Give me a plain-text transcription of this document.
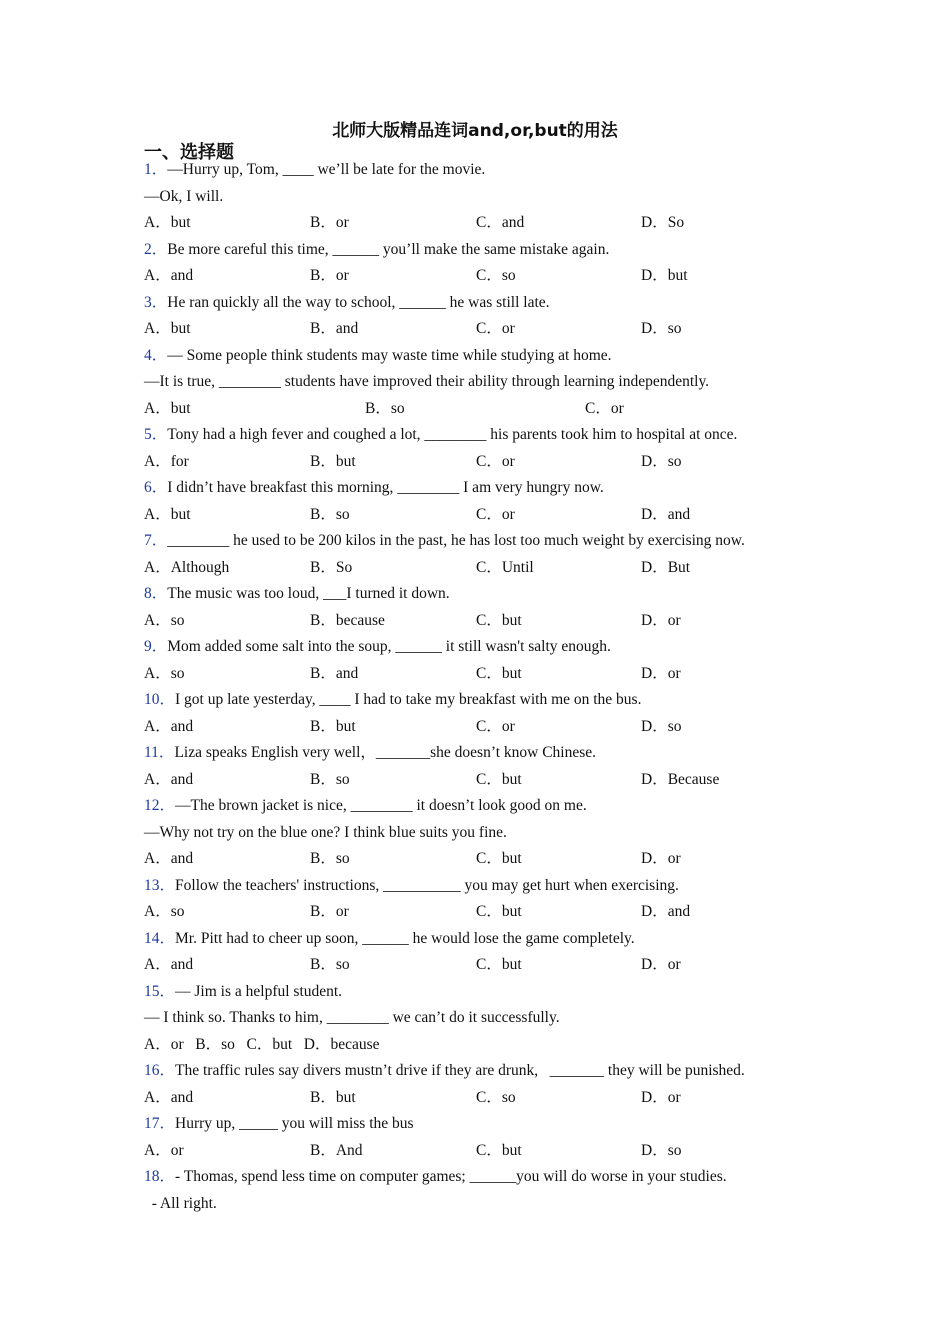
北师大版精品连词and,or,but的用法
一、选择题
1．—Hurry up, Tom, ____ we’ll be late for the movie.
—Ok, I will.
A．but	B．or	C．and	D．So
2．Be more careful this time, ______ you’ll make the same mistake again.
A．and	B．or	C．so	D．but
3．He ran quickly all the way to school, ______ he was still late.
A．but	B．and	C．or	D．so
4．— Some people think students may waste time while studying at home.
—It is true, ________ students have improved their ability through learning independently.
A．but	B．so	C．or
5．Tony had a high fever and coughed a lot, ________ his parents took him to hospital at once.
A．for	B．but	C．or	D．so
6．I didn’t have breakfast this morning, ________ I am very hungry now.
A．but	B．so	C．or	D．and
7．________ he used to be 200 kilos in the past, he has lost too much weight by exercising now.
A．Although	B．So	C．Until	D．But
8．The music was too loud, ___I turned it down.
A．so	B．because	C．but	D．or
9．Mom added some salt into the soup, ______ it still wasn't salty enough.
A．so	B．and	C．but	D．or
10．I got up late yesterday, ____ I had to take my breakfast with me on the bus.
A．and	B．but	C．or	D．so
11．Liza speaks English very well，_______she doesn’t know Chinese.
A．and	B．so	C．but	D．Because
12．—The brown jacket is nice, ________ it doesn’t look good on me.
—Why not try on the blue one? I think blue suits you fine.
A．and	B．so	C．but	D．or
13．Follow the teachers' instructions, __________ you may get hurt when exercising.
A．so	B．or	C．but	D．and
14．Mr. Pitt had to cheer up soon, ______ he would lose the game completely.
A．and	B．so	C．but	D．or
15．— Jim is a helpful student.
— I think so. Thanks to him, ________ we can’t do it successfully.
A．or   B．so   C．but   D．because
16．The traffic rules say divers mustn’t drive if they are drunk,   _______ they will be punished.
A．and	B．but	C．so	D．or
17．Hurry up, _____ you will miss the bus
A．or	B．And	C．but	D．so
18．- Thomas, spend less time on computer games; ______you will do worse in your studies.
- All right.
